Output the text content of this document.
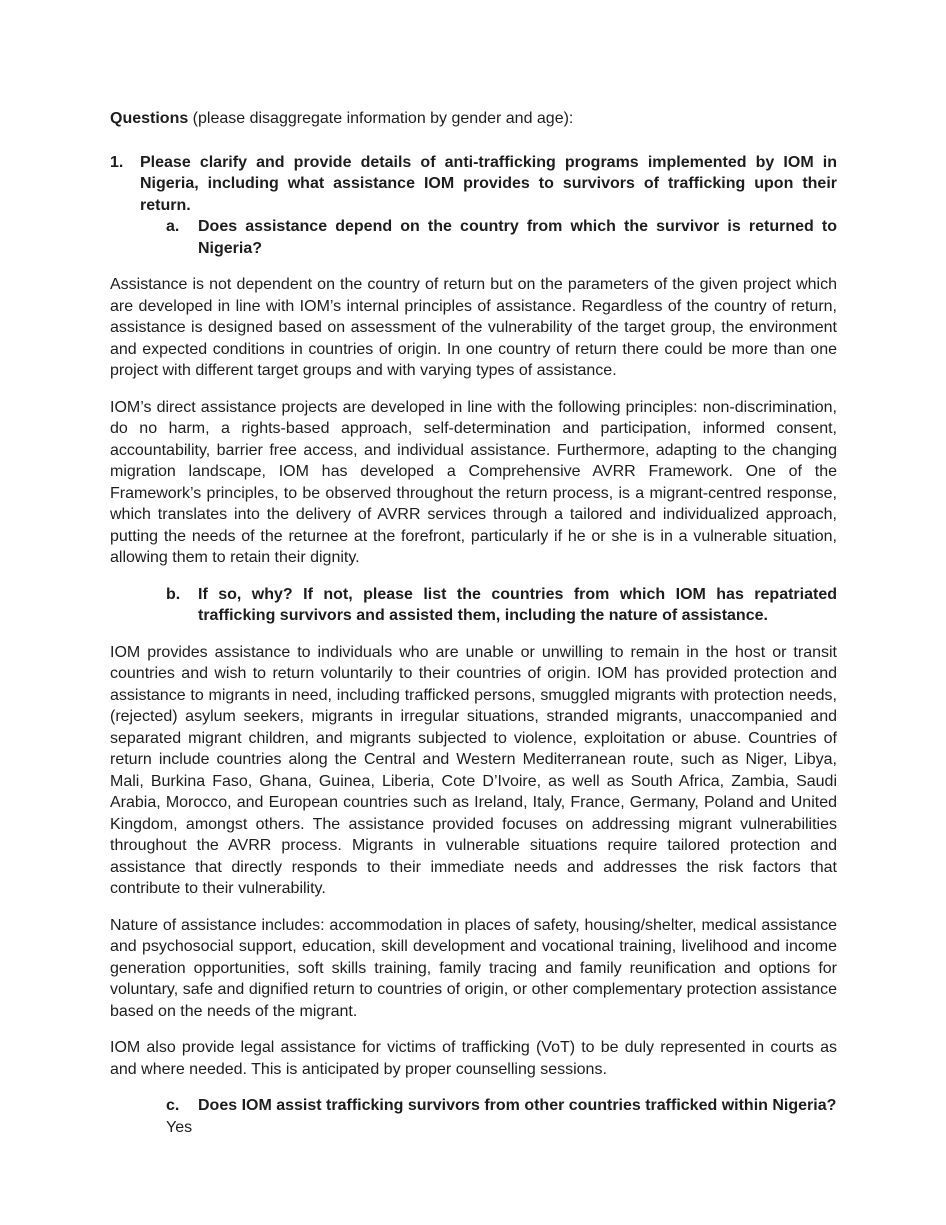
Questions (please disaggregate information by gender and age):

1.	Please clarify and provide details of anti-trafficking programs implemented by IOM in Nigeria, including what assistance IOM provides to survivors of trafficking upon their return.
a.	Does assistance depend on the country from which the survivor is returned to Nigeria?

Assistance is not dependent on the country of return but on the parameters of the given project which are developed in line with IOM’s internal principles of assistance. Regardless of the country of return, assistance is designed based on assessment of the vulnerability of the target group, the environment and expected conditions in countries of origin. In one country of return there could be more than one project with different target groups and with varying types of assistance.

IOM’s direct assistance projects are developed in line with the following principles: non-discrimination, do no harm, a rights-based approach, self-determination and participation, informed consent, accountability, barrier free access, and individual assistance. Furthermore, adapting to the changing migration landscape, IOM has developed a Comprehensive AVRR Framework. One of the Framework’s principles, to be observed throughout the return process, is a migrant-centred response, which translates into the delivery of AVRR services through a tailored and individualized approach, putting the needs of the returnee at the forefront, particularly if he or she is in a vulnerable situation, allowing them to retain their dignity.

b.	If so, why? If not, please list the countries from which IOM has repatriated trafficking survivors and assisted them, including the nature of assistance.

IOM provides assistance to individuals who are unable or unwilling to remain in the host or transit countries and wish to return voluntarily to their countries of origin. IOM has provided protection and assistance to migrants in need, including trafficked persons, smuggled migrants with protection needs, (rejected) asylum seekers, migrants in irregular situations, stranded migrants, unaccompanied and separated migrant children, and migrants subjected to violence, exploitation or abuse. Countries of return include countries along the Central and Western Mediterranean route, such as Niger, Libya, Mali, Burkina Faso, Ghana, Guinea, Liberia, Cote D’Ivoire, as well as South Africa, Zambia, Saudi Arabia, Morocco, and European countries such as Ireland, Italy, France, Germany, Poland and United Kingdom, amongst others. The assistance provided focuses on addressing migrant vulnerabilities throughout the AVRR process. Migrants in vulnerable situations require tailored protection and assistance that directly responds to their immediate needs and addresses the risk factors that contribute to their vulnerability.

Nature of assistance includes: accommodation in places of safety, housing/shelter, medical assistance and psychosocial support, education, skill development and vocational training, livelihood and income generation opportunities, soft skills training, family tracing and family reunification and options for voluntary, safe and dignified return to countries of origin, or other complementary protection assistance based on the needs of the migrant.

IOM also provide legal assistance for victims of trafficking (VoT) to be duly represented in courts as and where needed. This is anticipated by proper counselling sessions.

c.	Does IOM assist trafficking survivors from other countries trafficked within Nigeria?
Yes
